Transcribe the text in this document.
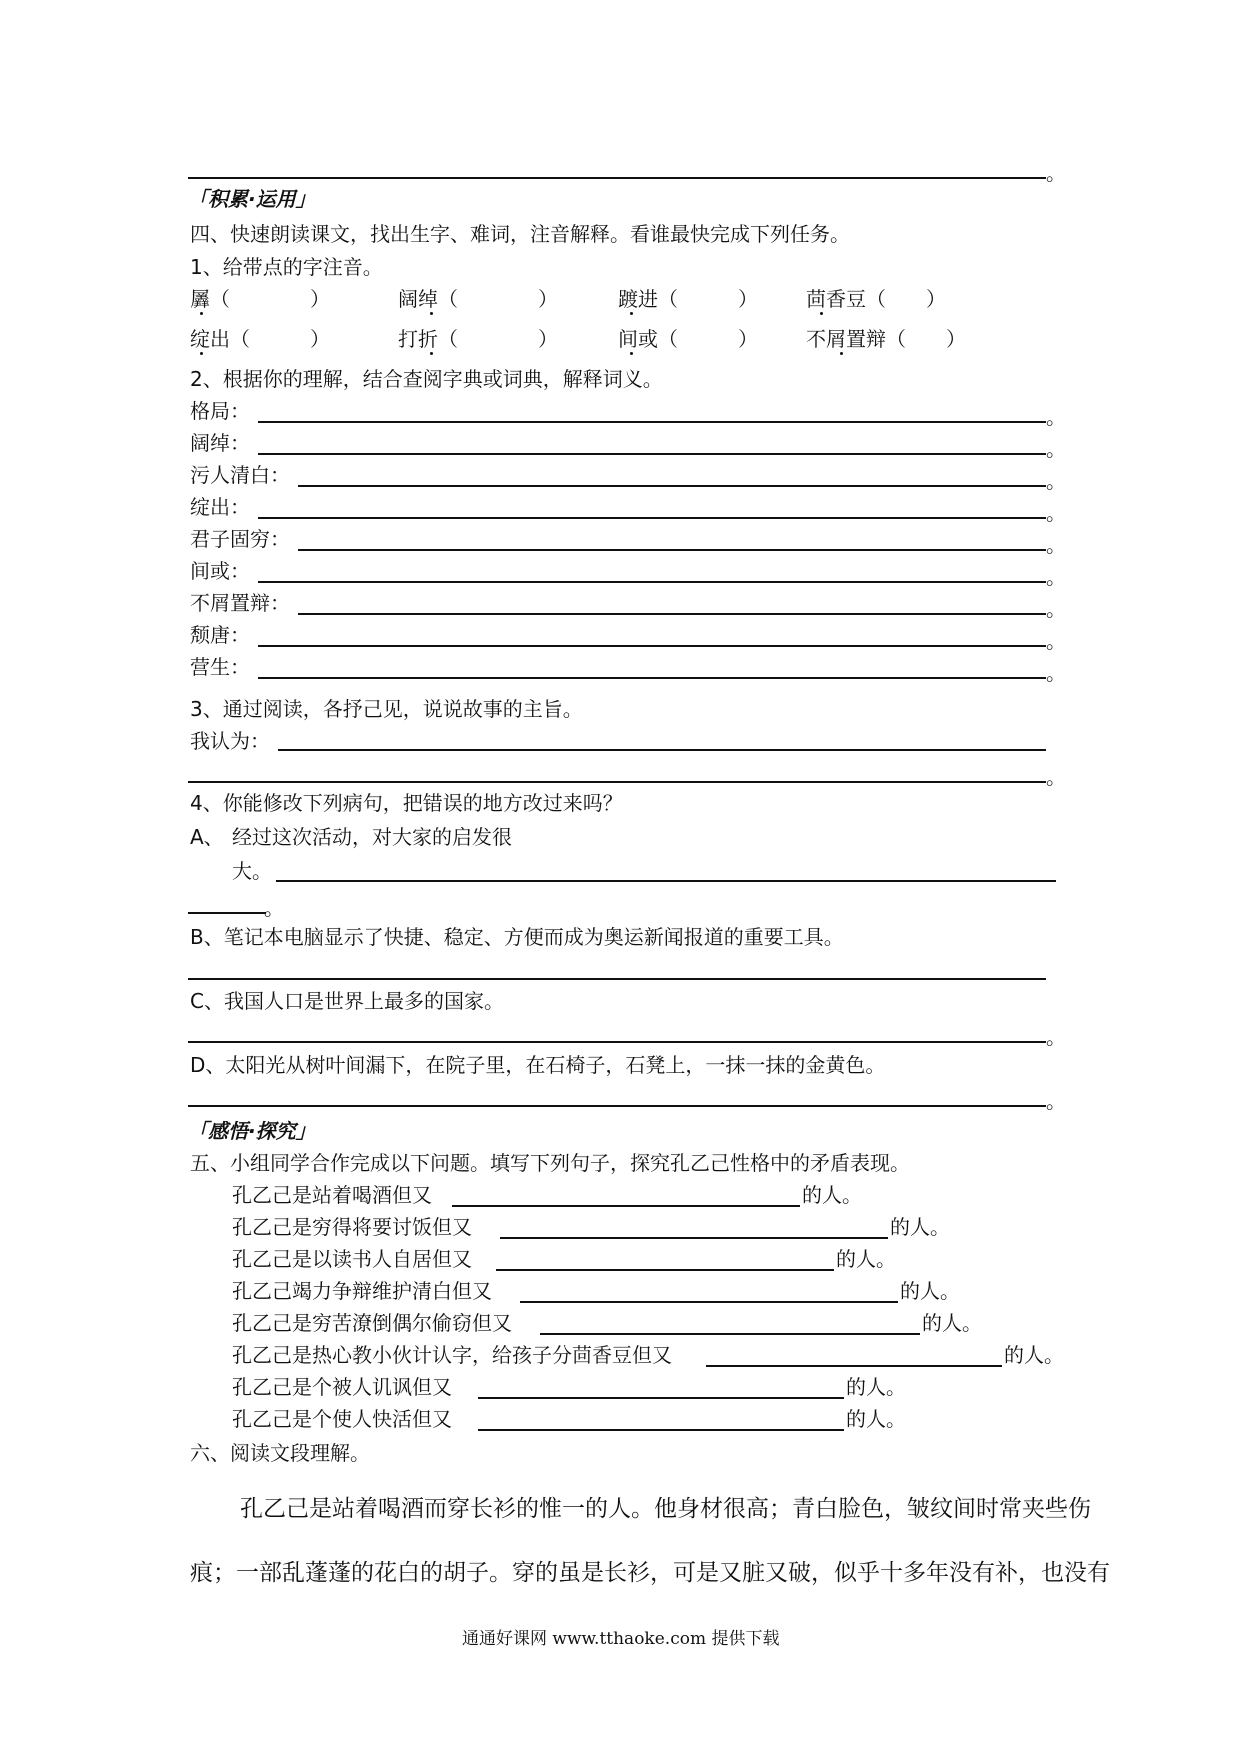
。
「积累·运用」
四、快速朗读课文，找出生字、难词，注音解释。看谁最快完成下列任务。
1、给带点的字注音。
羼（　　　　）	阔绰（　　　　）	踱进（　　　） 茴香豆（　　）
绽出（　　　）	打折（　　　　）	间或（　　　） 不屑置辩（　　）
2、根据你的理解，结合查阅字典或词典，解释词义。
格局：	。
阔绰：	。
污人清白：	。
绽出：	。
君子固穷：	。
间或：	。
不屑置辩：	。
颓唐：	。
营生：	。
3、通过阅读，各抒己见，说说故事的主旨。
我认为：
。
4、你能修改下列病句，把错误的地方改过来吗？
A、 经过这次活动，对大家的启发很
大。
。
B、笔记本电脑显示了快捷、稳定、方便而成为奥运新闻报道的重要工具。
C、我国人口是世界上最多的国家。
。
D、太阳光从树叶间漏下，在院子里，在石椅子，石凳上，一抹一抹的金黄色。
。
「感悟·探究」
五、小组同学合作完成以下问题。填写下列句子，探究孔乙己性格中的矛盾表现。
孔乙己是站着喝酒但又	的人。
孔乙己是穷得将要讨饭但又	的人。
孔乙己是以读书人自居但又	的人。
孔乙己竭力争辩维护清白但又	的人。
孔乙己是穷苦潦倒偶尔偷窃但又	的人。
孔乙己是热心教小伙计认字，给孩子分茴香豆但又	的人。
孔乙己是个被人讥讽但又	的人。
孔乙己是个使人快活但又	的人。
六、阅读文段理解。
孔乙己是站着喝酒而穿长衫的惟一的人。他身材很高；青白脸色，皱纹间时常夹些伤
痕；一部乱蓬蓬的花白的胡子。穿的虽是长衫，可是又脏又破，似乎十多年没有补，也没有
通通好课网 www.tthaoke.com 提供下载
